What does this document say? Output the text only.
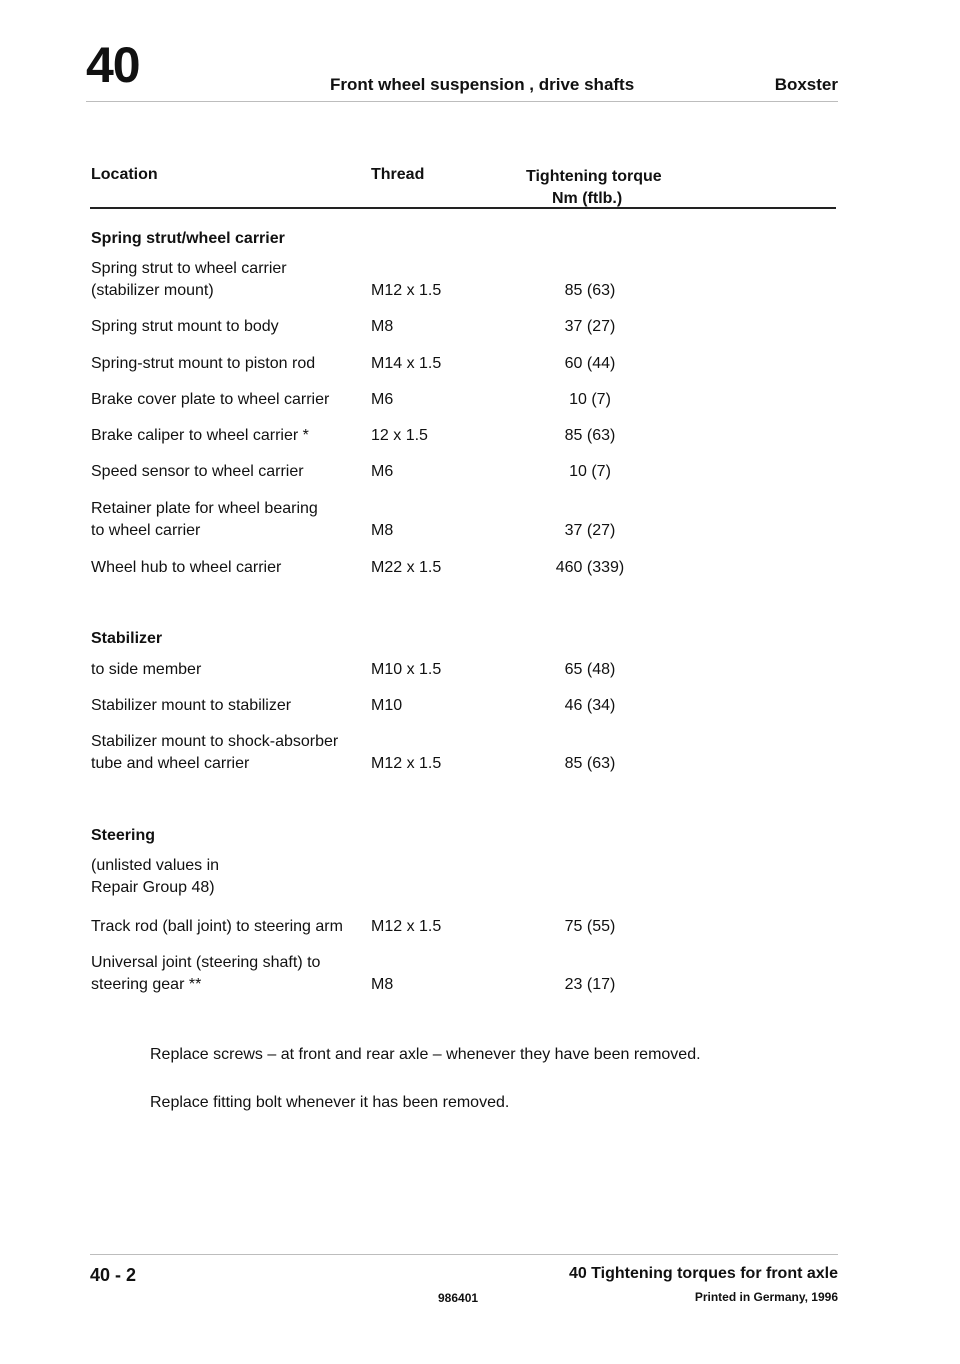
40	Front wheel suspension , drive shafts	Boxster
Location	Thread	Tightening torque
Nm (ftlb.)
Spring strut/wheel carrier
Spring strut to wheel carrier
(stabilizer mount)	M12 x 1.5	85 (63)
Spring strut mount to body	M8	37 (27)
Spring-strut mount to piston rod	M14 x 1.5	60 (44)
Brake cover plate to wheel carrier	M6	10 (7)
Brake caliper to wheel carrier *	12 x 1.5	85 (63)
Speed sensor to wheel carrier	M6	10 (7)
Retainer plate for wheel bearing
to wheel carrier	M8	37 (27)
Wheel hub to wheel carrier	M22 x 1.5	460 (339)
Stabilizer
to side member	M10 x 1.5	65 (48)
Stabilizer mount to stabilizer	M10	46 (34)
Stabilizer mount to shock-absorber
tube and wheel carrier	M12 x 1.5	85 (63)
Steering
(unlisted values in
Repair Group 48)
Track rod (ball joint) to steering arm	M12 x 1.5	75 (55)
Universal joint (steering shaft) to
steering gear **	M8	23 (17)
Replace screws – at front and rear axle – whenever they have been removed.
Replace fitting bolt whenever it has been removed.
40 - 2	40 Tightening torques for front axle
986401	Printed in Germany, 1996
